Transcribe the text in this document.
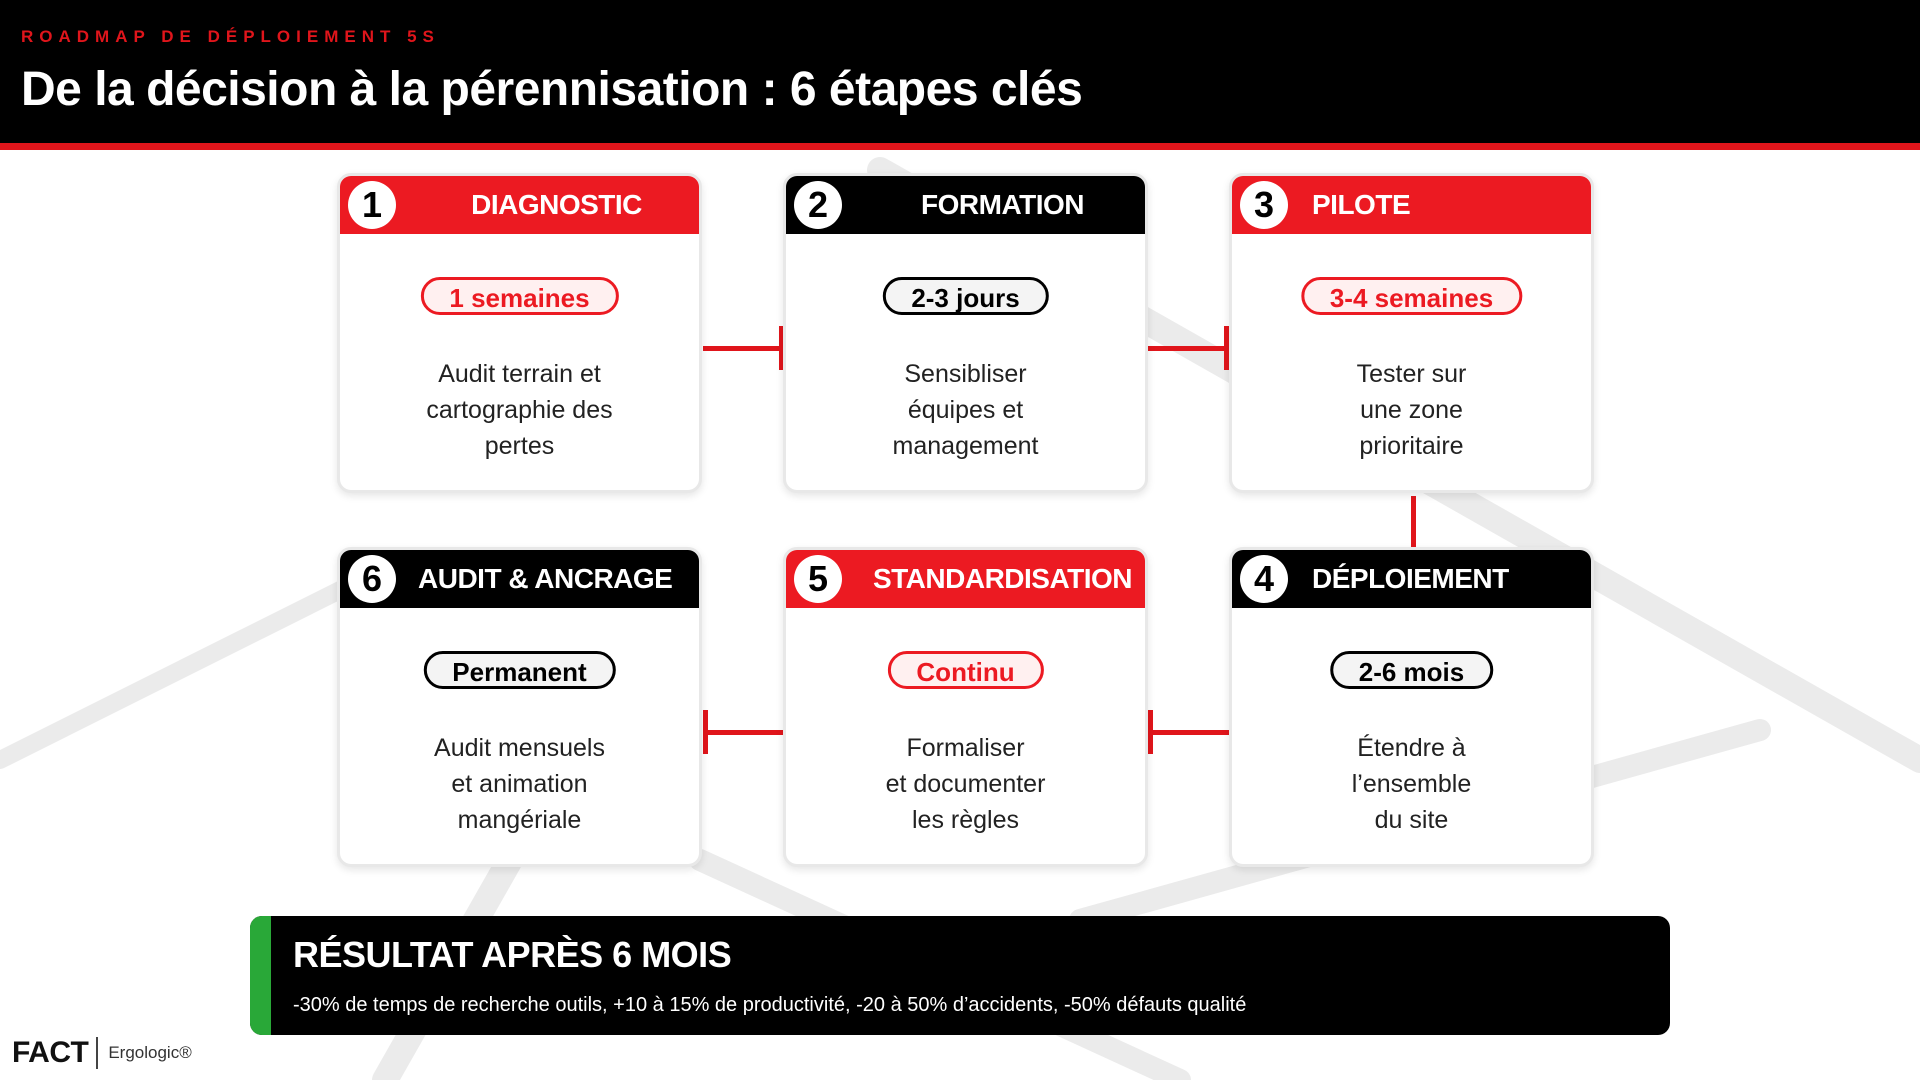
ROADMAP DE DÉPLOIEMENT 5S
De la décision à la pérennisation : 6 étapes clés
1	DIAGNOSTIC
1 semaines
Audit terrain et
cartographie des
pertes
2	FORMATION
2-3 jours
Sensibliser
équipes et
management
3	PILOTE
3-4 semaines
Tester sur
une zone
prioritaire
4	DÉPLOIEMENT
2-6 mois
Étendre à
l’ensemble
du site
5	STANDARDISATION
Continu
Formaliser
et documenter
les règles
6	AUDIT & ANCRAGE
Permanent
Audit mensuels
et animation
mangériale
RÉSULTAT APRÈS 6 MOIS
-30% de temps de recherche outils, +10 à 15% de productivité, -20 à 50% d’accidents, -50% défauts qualité
FACT Ergologic®
